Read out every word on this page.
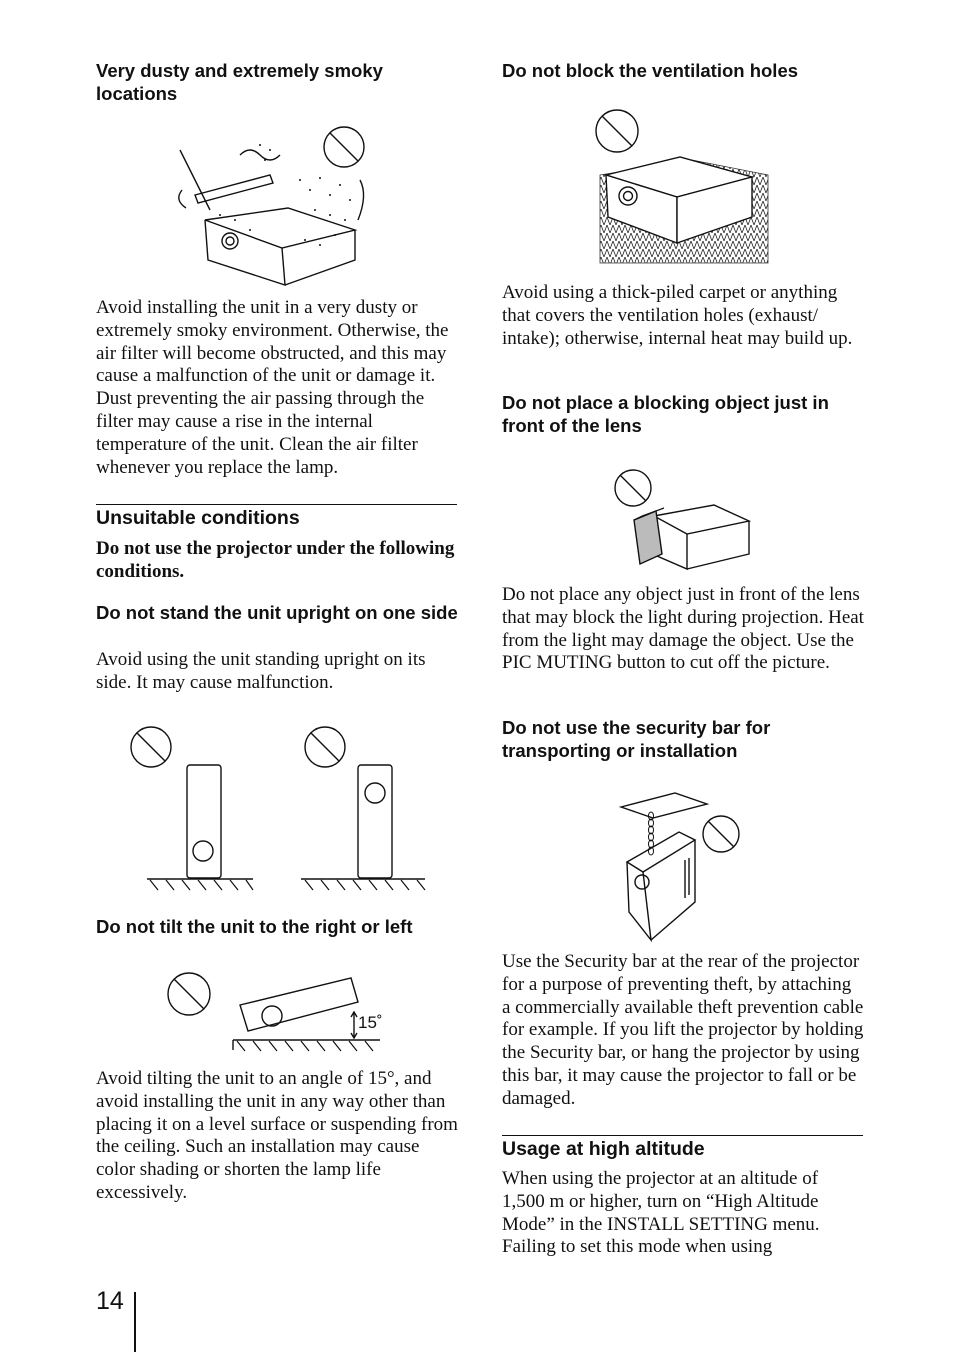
Very dusty and extremely smoky locations

Avoid installing the unit in a very dusty or extremely smoky environment. Otherwise, the air filter will become obstructed, and this may cause a malfunction of the unit or damage it. Dust preventing the air passing through the filter may cause a rise in the internal temperature of the unit. Clean the air filter whenever you replace the lamp.

Unsuitable conditions

Do not use the projector under the following conditions.

Do not stand the unit upright on one side

Avoid using the unit standing upright on its side. It may cause malfunction.

Do not tilt the unit to the right or left

15˚

Avoid tilting the unit to an angle of 15°, and avoid installing the unit in any way other than placing it on a level surface or suspending from the ceiling. Such an installation may cause color shading or shorten the lamp life excessively.

Do not block the ventilation holes

Avoid using a thick-piled carpet or anything that covers the ventilation holes (exhaust/ intake); otherwise, internal heat may build up.

Do not place a blocking object just in front of the lens

Do not place any object just in front of the lens that may block the light during projection. Heat from the light may damage the object. Use the PIC MUTING button to cut off the picture.

Do not use the security bar for transporting or installation

Use the Security bar at the rear of the projector for a purpose of preventing theft, by attaching a commercially available theft prevention cable for example. If you lift the projector by holding the Security bar, or hang the projector by using this bar, it may cause the projector to fall or be damaged.

Usage at high altitude

When using the projector at an altitude of 1,500 m or higher, turn on “High Altitude Mode” in the INSTALL SETTING menu. Failing to set this mode when using

14
